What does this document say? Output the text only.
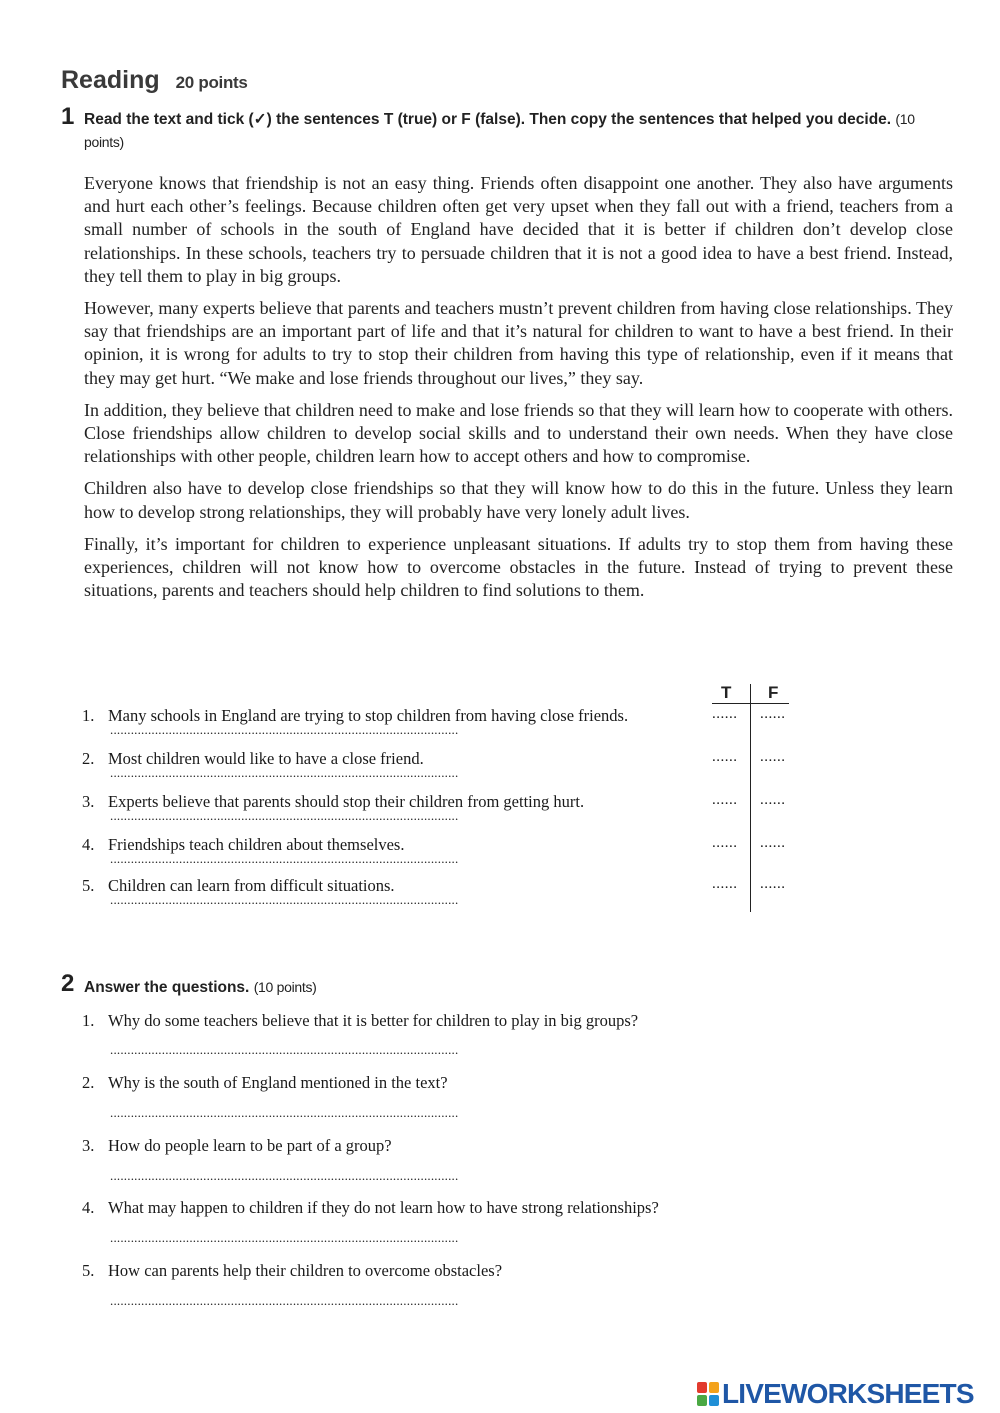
Reading 20 points
1 Read the text and tick (✓) the sentences T (true) or F (false). Then copy the sentences that helped you decide. (10 points)

Everyone knows that friendship is not an easy thing. Friends often disappoint one another. They also have arguments and hurt each other’s feelings. Because children often get very upset when they fall out with a friend, teachers from a small number of schools in the south of England have decided that it is better if children don’t develop close relationships. In these schools, teachers try to persuade children that it is not a good idea to have a best friend. Instead, they tell them to play in big groups.

However, many experts believe that parents and teachers mustn’t prevent children from having close relationships. They say that friendships are an important part of life and that it’s natural for children to want to have a best friend. In their opinion, it is wrong for adults to try to stop their children from having this type of relationship, even if it means that they may get hurt. “We make and lose friends throughout our lives,” they say.

In addition, they believe that children need to make and lose friends so that they will learn how to cooperate with others. Close friendships allow children to develop social skills and to understand their own needs. When they have close relationships with other people, children learn how to accept others and how to compromise.

Children also have to develop close friendships so that they will know how to do this in the future. Unless they learn how to develop strong relationships, they will probably have very lonely adult lives.

Finally, it’s important for children to experience unpleasant situations. If adults try to stop them from having these experiences, children will not know how to overcome obstacles in the future. Instead of trying to prevent these situations, parents and teachers should help children to find solutions to them.

T F
1. Many schools in England are trying to stop children from having close friends.	...... ......
.....................................................................................................
2. Most children would like to have a close friend.	...... ......
.....................................................................................................
3. Experts believe that parents should stop their children from getting hurt.	...... ......
.....................................................................................................
4. Friendships teach children about themselves.	...... ......
.....................................................................................................
5. Children can learn from difficult situations.	...... ......
.....................................................................................................
2 Answer the questions. (10 points)
1. Why do some teachers believe that it is better for children to play in big groups?
.....................................................................................................
2. Why is the south of England mentioned in the text?
.....................................................................................................
3. How do people learn to be part of a group?
.....................................................................................................
4. What may happen to children if they do not learn how to have strong relationships?
.....................................................................................................
5. How can parents help their children to overcome obstacles?
.....................................................................................................
LIVEWORKSHEETS
